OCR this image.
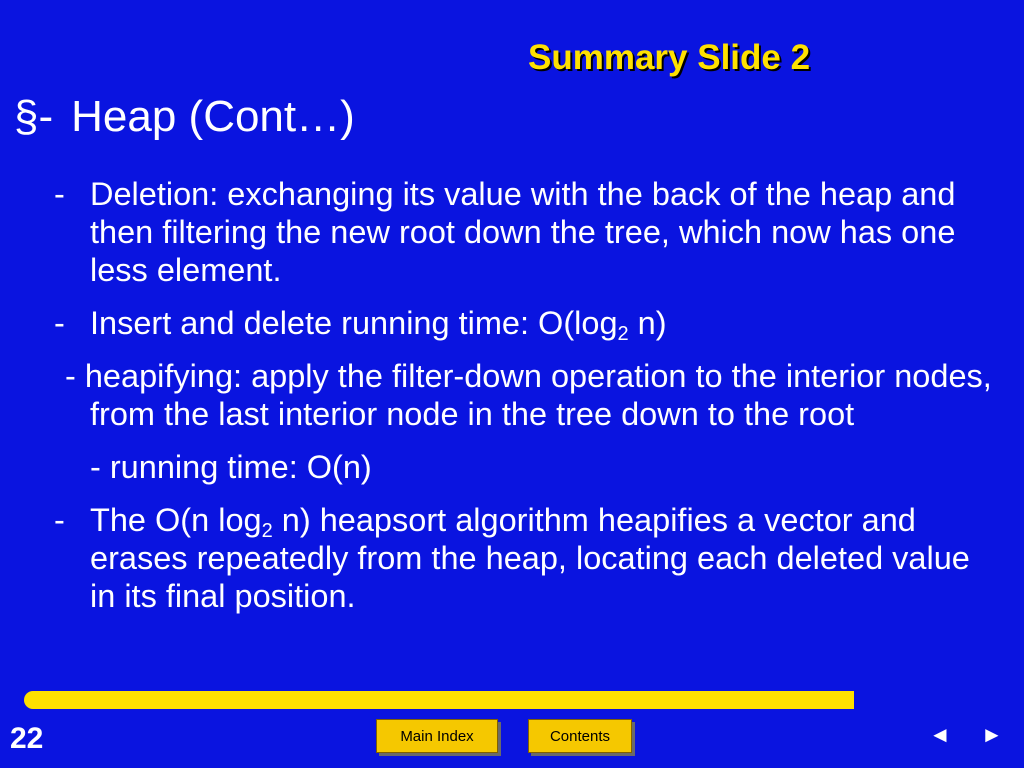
Summary Slide 2
§- Heap (Cont…)
- Deletion: exchanging its value with the back of the heap and then filtering the new root down the tree, which now has one less element.
- Insert and delete running time: $O(\log_2$ n)
- heapifying: apply the filter-down operation to the interior nodes, from the last interior node in the tree down to the root
- running time: O(n)
- The O(n $\log_2 n$) heapsort algorithm heapifies a vector and erases repeatedly from the heap, locating each deleted value in its final position.
22	Main Index	Contents	◄ ►
